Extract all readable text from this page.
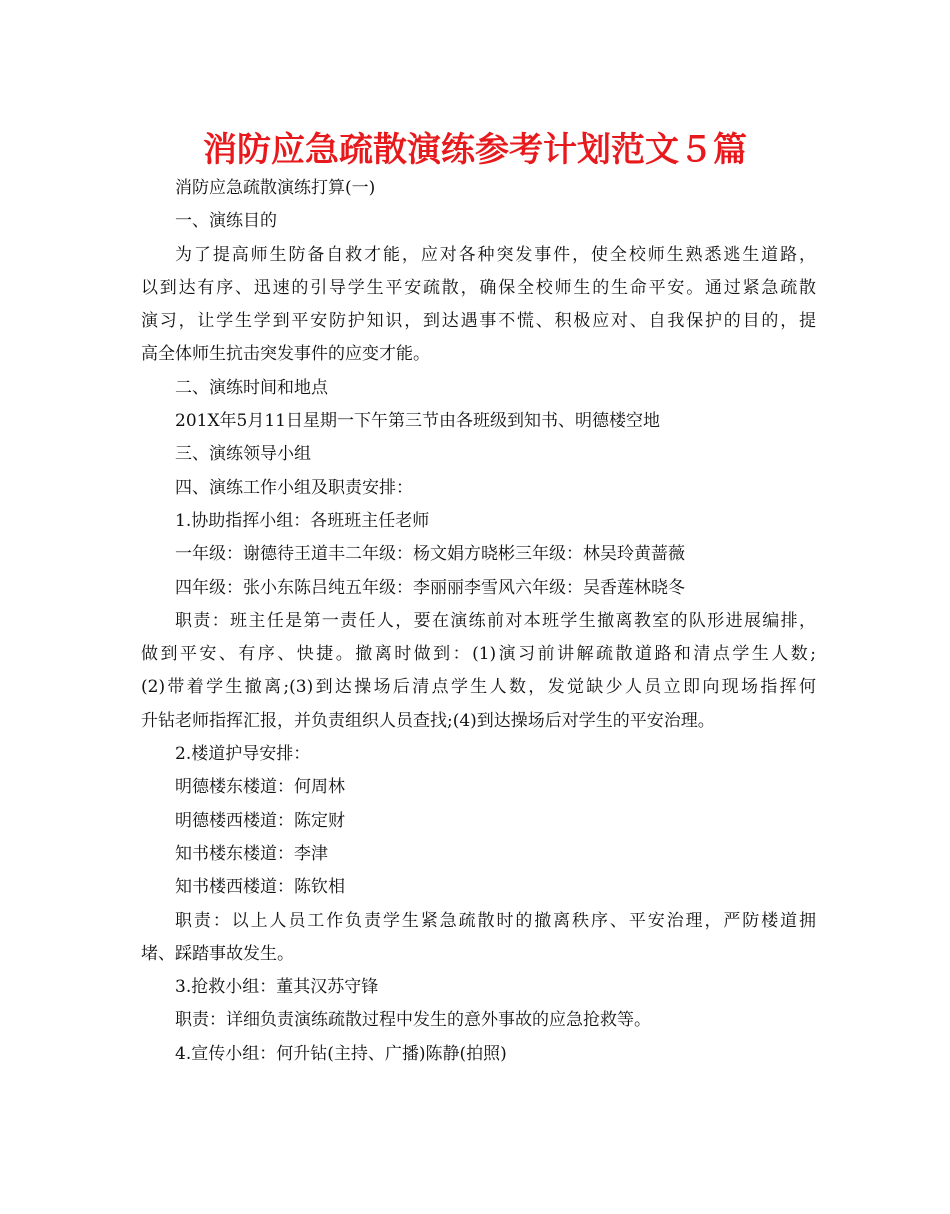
消防应急疏散演练参考计划范文５篇

消防应急疏散演练打算(一)

一、演练目的

为了提高师生防备自救才能，应对各种突发事件，使全校师生熟悉逃生道路，

以到达有序、迅速的引导学生平安疏散，确保全校师生的生命平安。通过紧急疏散

演习，让学生学到平安防护知识，到达遇事不慌、积极应对、自我保护的目的，提

高全体师生抗击突发事件的应变才能。

二、演练时间和地点

201X年5月11日星期一下午第三节由各班级到知书、明德楼空地

三、演练领导小组

四、演练工作小组及职责安排：

1.协助指挥小组：各班班主任老师

一年级：谢德待王道丰二年级：杨文娟方晓彬三年级：林吴玲黄蔷薇

四年级：张小东陈吕纯五年级：李丽丽李雪风六年级：吴香莲林晓冬

职责：班主任是第一责任人，要在演练前对本班学生撤离教室的队形进展编排，

做到平安、有序、快捷。撤离时做到：(1)演习前讲解疏散道路和清点学生人数;

(2)带着学生撤离;(3)到达操场后清点学生人数，发觉缺少人员立即向现场指挥何

升钻老师指挥汇报，并负责组织人员查找;(4)到达操场后对学生的平安治理。

2.楼道护导安排：

明德楼东楼道：何周林

明德楼西楼道：陈定财

知书楼东楼道：李津

知书楼西楼道：陈钦相

职责：以上人员工作负责学生紧急疏散时的撤离秩序、平安治理，严防楼道拥

堵、踩踏事故发生。

3.抢救小组：董其汉苏守锋

职责：详细负责演练疏散过程中发生的意外事故的应急抢救等。

4.宣传小组：何升钻(主持、广播)陈静(拍照)
